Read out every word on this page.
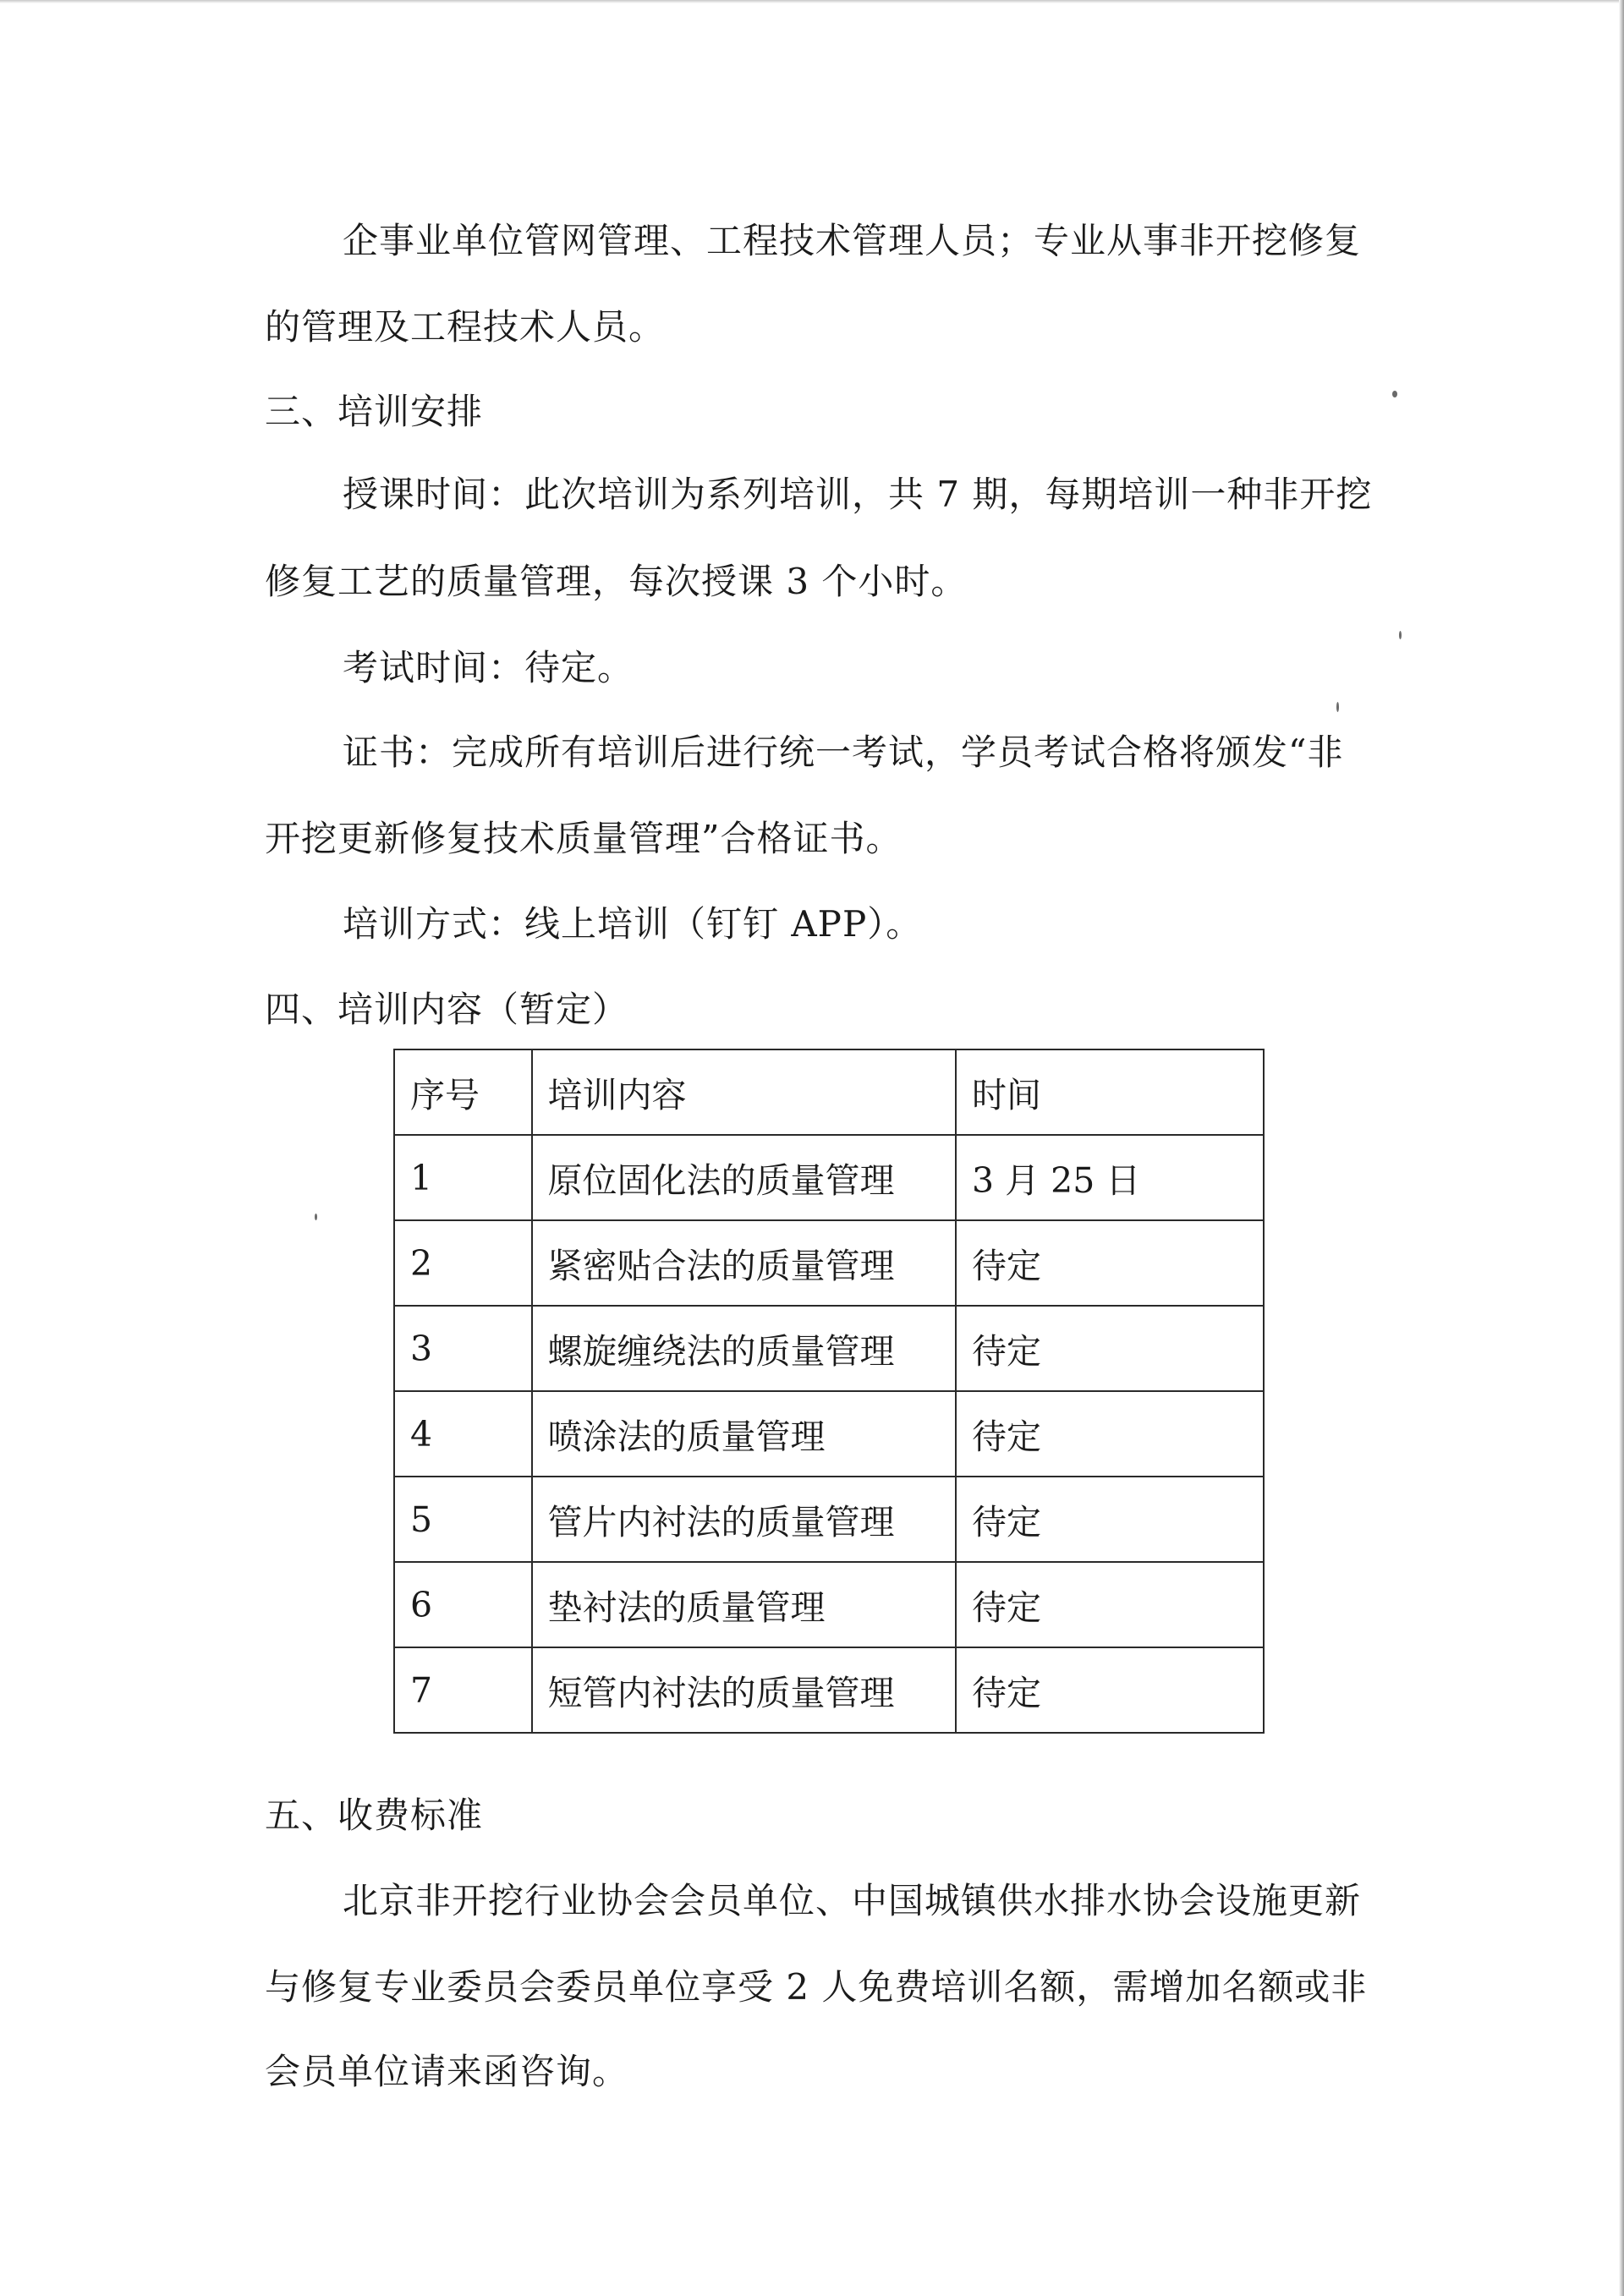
企事业单位管网管理、工程技术管理人员；专业从事非开挖修复
的管理及工程技术人员。
三、培训安排
授课时间：此次培训为系列培训，共 7 期，每期培训一种非开挖
修复工艺的质量管理，每次授课 3 个小时。
考试时间：待定。
证书：完成所有培训后进行统一考试，学员考试合格将颁发“非
开挖更新修复技术质量管理”合格证书。
培训方式：线上培训（钉钉 APP）。
四、培训内容（暂定）
序号	培训内容	时间
1	原位固化法的质量管理	3 月 25 日
2	紧密贴合法的质量管理	待定
3	螺旋缠绕法的质量管理	待定
4	喷涂法的质量管理	待定
5	管片内衬法的质量管理	待定
6	垫衬法的质量管理	待定
7	短管内衬法的质量管理	待定
五、收费标准
北京非开挖行业协会会员单位、中国城镇供水排水协会设施更新
与修复专业委员会委员单位享受 2 人免费培训名额，需增加名额或非
会员单位请来函咨询。
